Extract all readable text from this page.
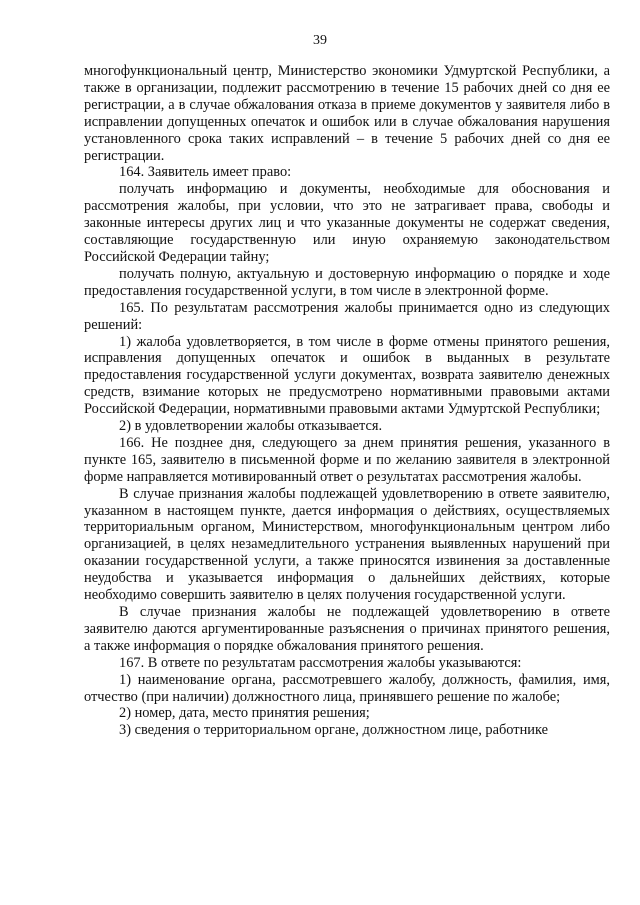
39

многофункциональный центр, Министерство экономики Удмуртской Республики, а также в организации, подлежит рассмотрению в течение 15 рабочих дней со дня ее регистрации, а в случае обжалования отказа в приеме документов у заявителя либо в исправлении допущенных опечаток и ошибок или в случае обжалования нарушения установленного срока таких исправлений – в течение 5 рабочих дней со дня ее регистрации.

164. Заявитель имеет право:

получать информацию и документы, необходимые для обоснования и рассмотрения жалобы, при условии, что это не затрагивает права, свободы и законные интересы других лиц и что указанные документы не содержат сведения, составляющие государственную или иную охраняемую законодательством Российской Федерации тайну;

получать полную, актуальную и достоверную информацию о порядке и ходе предоставления государственной услуги, в том числе в электронной форме.

165. По результатам рассмотрения жалобы принимается одно из следующих решений:

1) жалоба удовлетворяется, в том числе в форме отмены принятого решения, исправления допущенных опечаток и ошибок в выданных в результате предоставления государственной услуги документах, возврата заявителю денежных средств, взимание которых не предусмотрено нормативными правовыми актами Российской Федерации, нормативными правовыми актами Удмуртской Республики;

2) в удовлетворении жалобы отказывается.

166. Не позднее дня, следующего за днем принятия решения, указанного в пункте 165, заявителю в письменной форме и по желанию заявителя в электронной форме направляется мотивированный ответ о результатах рассмотрения жалобы.

В случае признания жалобы подлежащей удовлетворению в ответе заявителю, указанном в настоящем пункте, дается информация о действиях, осуществляемых территориальным органом, Министерством, многофункциональным центром либо организацией, в целях незамедлительного устранения выявленных нарушений при оказании государственной услуги, а также приносятся извинения за доставленные неудобства и указывается информация о дальнейших действиях, которые необходимо совершить заявителю в целях получения государственной услуги.

В случае признания жалобы не подлежащей удовлетворению в ответе заявителю даются аргументированные разъяснения о причинах принятого решения, а также информация о порядке обжалования принятого решения.

167. В ответе по результатам рассмотрения жалобы указываются:

1) наименование органа, рассмотревшего жалобу, должность, фамилия, имя, отчество (при наличии) должностного лица, принявшего решение по жалобе;

2) номер, дата, место принятия решения;

3) сведения о территориальном органе, должностном лице, работнике
